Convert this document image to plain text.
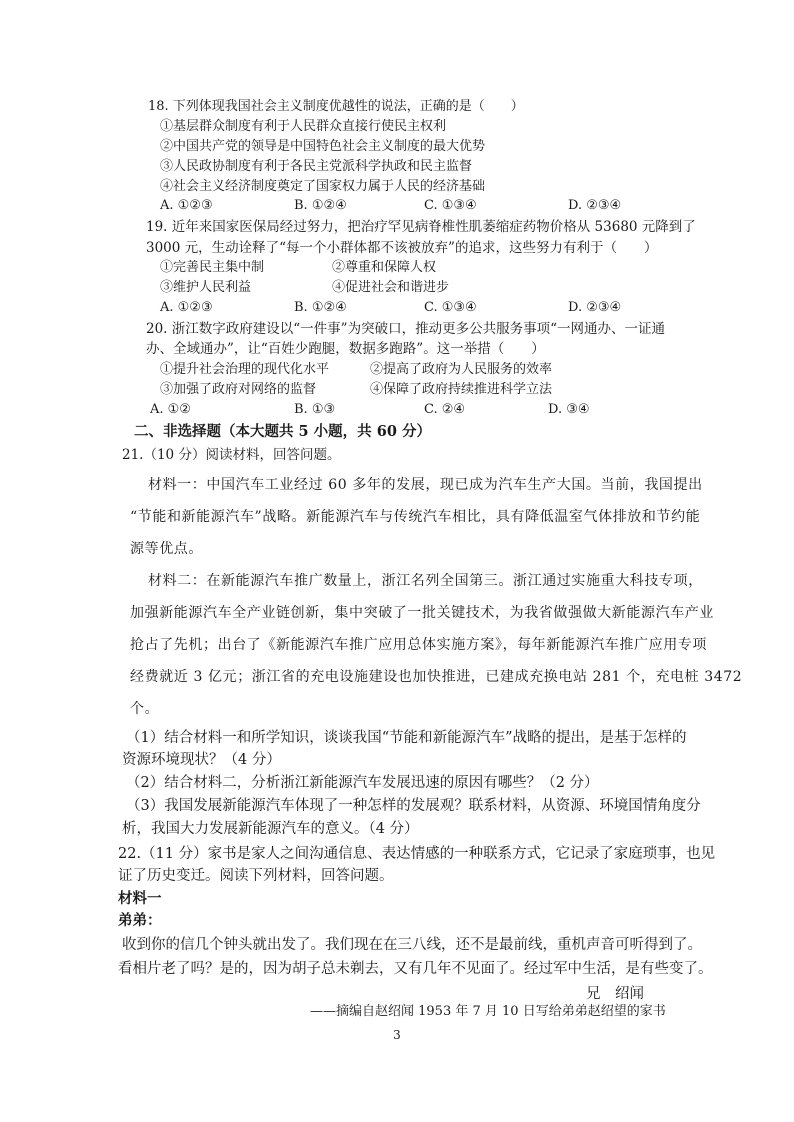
18. 下列体现我国社会主义制度优越性的说法，正确的是（　　）
①基层群众制度有利于人民群众直接行使民主权利
②中国共产党的领导是中国特色社会主义制度的最大优势
③人民政协制度有利于各民主党派科学执政和民主监督
④社会主义经济制度奠定了国家权力属于人民的经济基础
A. ①②③	B. ①②④	C. ①③④	D. ②③④
19. 近年来国家医保局经过努力，把治疗罕见病脊椎性肌萎缩症药物价格从 53680 元降到了
3000 元，生动诠释了“每一个小群体都不该被放弃”的追求，这些努力有利于（　　）
①完善民主集中制	②尊重和保障人权
③维护人民利益	④促进社会和谐进步
A. ①②③	B. ①②④	C. ①③④	D. ②③④
20. 浙江数字政府建设以“一件事”为突破口，推动更多公共服务事项“一网通办、一证通
办、全域通办”，让“百姓少跑腿，数据多跑路”。这一举措（　　）
①提升社会治理的现代化水平	②提高了政府为人民服务的效率
③加强了政府对网络的监督	④保障了政府持续推进科学立法
A. ①②	B. ①③	C. ②④	D. ③④
二、非选择题（本大题共 5 小题，共 60 分）
21.（10 分）阅读材料，回答问题。
材料一：中国汽车工业经过 60 多年的发展，现已成为汽车生产大国。当前，我国提出
“节能和新能源汽车”战略。新能源汽车与传统汽车相比，具有降低温室气体排放和节约能
源等优点。
材料二：在新能源汽车推广数量上，浙江名列全国第三。浙江通过实施重大科技专项，
加强新能源汽车全产业链创新，集中突破了一批关键技术，为我省做强做大新能源汽车产业
抢占了先机；出台了《新能源汽车推广应用总体实施方案》，每年新能源汽车推广应用专项
经费就近 3 亿元；浙江省的充电设施建设也加快推进，已建成充换电站 281 个，充电桩 3472
个。
（1）结合材料一和所学知识，谈谈我国“节能和新能源汽车”战略的提出，是基于怎样的
资源环境现状？（4 分）
（2）结合材料二，分析浙江新能源汽车发展迅速的原因有哪些？（2 分）
（3）我国发展新能源汽车体现了一种怎样的发展观？联系材料，从资源、环境国情角度分
析，我国大力发展新能源汽车的意义。（4 分）
22.（11 分）家书是家人之间沟通信息、表达情感的一种联系方式，它记录了家庭琐事，也见
证了历史变迁。阅读下列材料，回答问题。
材料一
弟弟：
收到你的信几个钟头就出发了。我们现在在三八线，还不是最前线，重机声音可听得到了。
看相片老了吗？是的，因为胡子总未剃去，又有几年不见面了。经过军中生活，是有些变了。
兄　绍闻
——摘编自赵绍闻 1953 年 7 月 10 日写给弟弟赵绍望的家书
3
